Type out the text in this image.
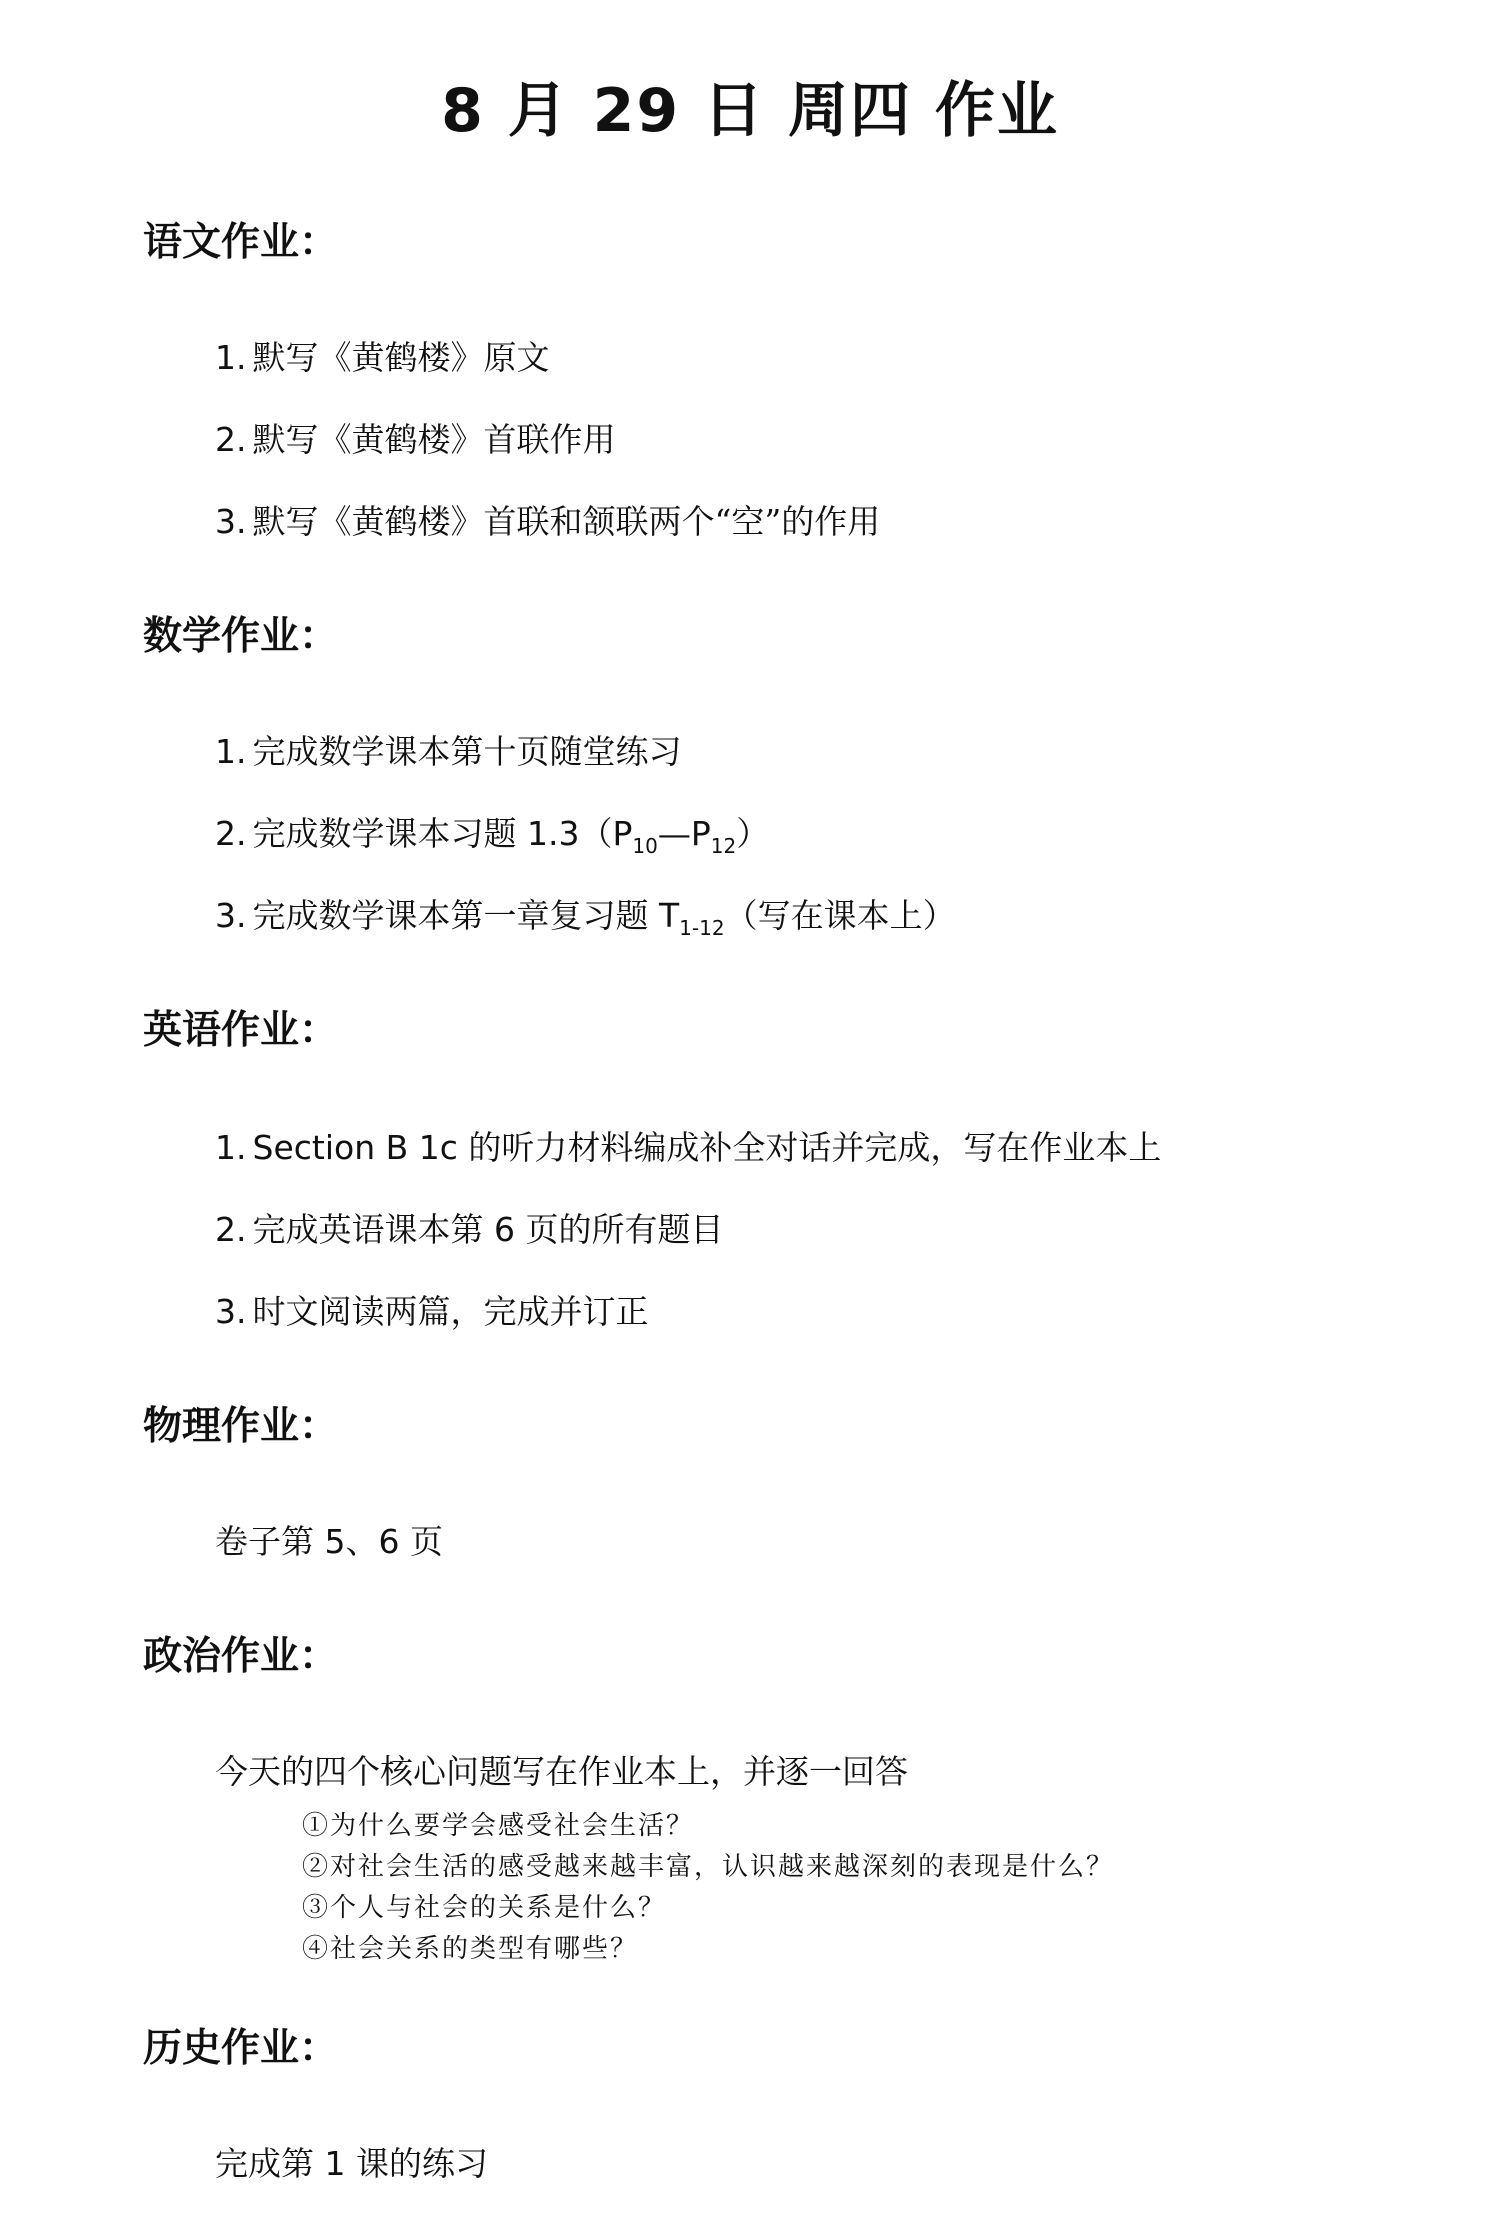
8 月 29 日 周四 作业
语文作业：
1. 默写《黄鹤楼》原文
2. 默写《黄鹤楼》首联作用
3. 默写《黄鹤楼》首联和颔联两个“空”的作用
数学作业：
1. 完成数学课本第十页随堂练习
2. 完成数学课本习题 $1.3(P_{10}—P_{12})$
3. 完成数学课本第一章复习题 $T_{1-12}$（写在课本上）
英语作业：
1. Section B 1c 的听力材料编成补全对话并完成，写在作业本上
2. 完成英语课本第 6 页的所有题目
3. 时文阅读两篇，完成并订正
物理作业：
卷子第 5、6 页
政治作业：
今天的四个核心问题写在作业本上，并逐一回答
①为什么要学会感受社会生活？
②对社会生活的感受越来越丰富，认识越来越深刻的表现是什么？
③个人与社会的关系是什么？
④社会关系的类型有哪些？
历史作业：
完成第 1 课的练习
